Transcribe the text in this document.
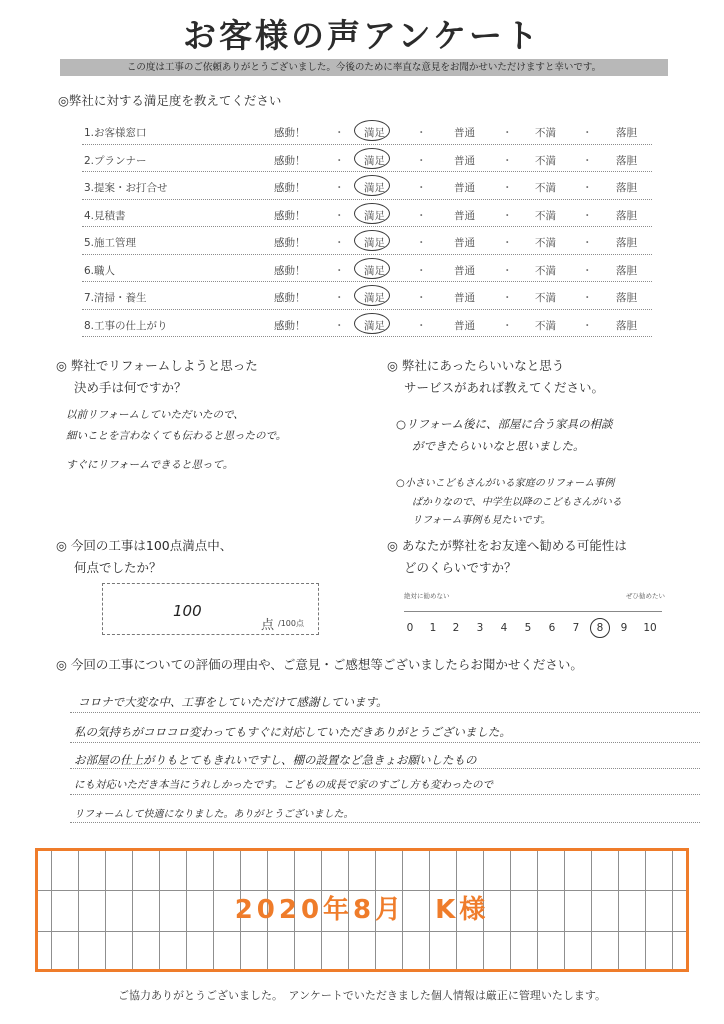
お客様の声アンケート
この度は工事のご依頼ありがとうございました。今後のために率直な意見をお聞かせいただけますと幸いです。
◎弊社に対する満足度を教えてください
1.お客様窓口	感動！	・ 満足	・	普通	・ 不満 ・ 落胆
2.プランナー	感動！	・ 満足	・	普通	・ 不満 ・ 落胆
3.提案・お打合せ	感動！	・ 満足	・	普通	・ 不満 ・ 落胆
4.見積書	感動！	・ 満足	・	普通	・ 不満 ・ 落胆
5.施工管理	感動！	・ 満足	・	普通	・ 不満 ・ 落胆
6.職人	感動！	・ 満足	・	普通	・ 不満 ・ 落胆
7.清掃・養生	感動！	・ 満足	・	普通	・ 不満 ・ 落胆
8.工事の仕上がり	感動！	・ 満足	・	普通	・ 不満 ・ 落胆
◎ 弊社でリフォームしようと思った
決め手は何ですか？
以前リフォームしていただいたので、
細いことを言わなくても伝わると思ったので。
すぐにリフォームできると思って。
◎ 弊社にあったらいいなと思う
サービスがあれば教えてください。
○リフォーム後に、部屋に合う家具の相談
ができたらいいなと思いました。
○小さいこどもさんがいる家庭のリフォーム事例
ばかりなので、中学生以降のこどもさんがいる
リフォーム事例も見たいです。
◎ 今回の工事は100点満点中、
何点でしたか？
100
点 /100点
◎ あなたが弊社をお友達へ勧める可能性は
どのくらいですか？
絶対に勧めない	ぜひ勧めたい
0	1	2	3	4	5	6	7	8	9	10
◎ 今回の工事についての評価の理由や、ご意見・ご感想等ございましたらお聞かせください。
コロナで大変な中、工事をしていただけて感謝しています。
私の気持ちがコロコロ変わってもすぐに対応していただきありがとうございました。
お部屋の仕上がりもとてもきれいですし、棚の設置など急きょお願いしたもの
にも対応いただき本当にうれしかったです。こどもの成長で家のすごし方も変わったので
リフォームして快適になりました。ありがとうございました。
2020年8月　K様
ご協力ありがとうございました。　アンケートでいただきました個人情報は厳正に管理いたします。
